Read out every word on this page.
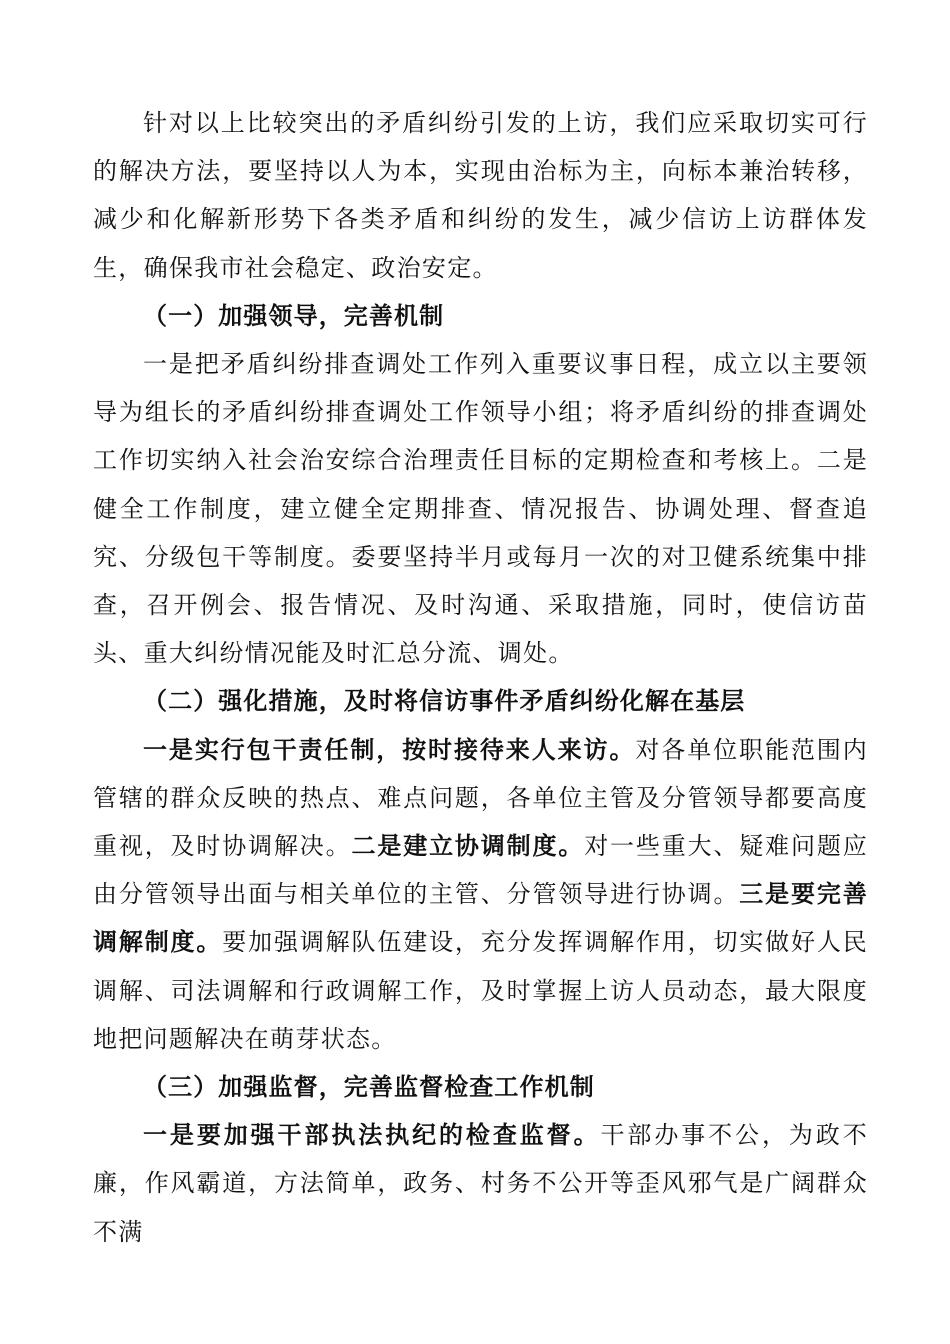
针对以上比较突出的矛盾纠纷引发的上访，我们应采取切实可行的解决方法，要坚持以人为本，实现由治标为主，向标本兼治转移，减少和化解新形势下各类矛盾和纠纷的发生，减少信访上访群体发生，确保我市社会稳定、政治安定。

（一）加强领导，完善机制

一是把矛盾纠纷排查调处工作列入重要议事日程，成立以主要领导为组长的矛盾纠纷排查调处工作领导小组；将矛盾纠纷的排查调处工作切实纳入社会治安综合治理责任目标的定期检查和考核上。二是健全工作制度，建立健全定期排查、情况报告、协调处理、督查追究、分级包干等制度。委要坚持半月或每月一次的对卫健系统集中排查，召开例会、报告情况、及时沟通、采取措施，同时，使信访苗头、重大纠纷情况能及时汇总分流、调处。

（二）强化措施，及时将信访事件矛盾纠纷化解在基层

一是实行包干责任制，按时接待来人来访。对各单位职能范围内管辖的群众反映的热点、难点问题，各单位主管及分管领导都要高度重视，及时协调解决。二是建立协调制度。对一些重大、疑难问题应由分管领导出面与相关单位的主管、分管领导进行协调。三是要完善调解制度。要加强调解队伍建设，充分发挥调解作用，切实做好人民调解、司法调解和行政调解工作，及时掌握上访人员动态，最大限度地把问题解决在萌芽状态。

（三）加强监督，完善监督检查工作机制

一是要加强干部执法执纪的检查监督。干部办事不公，为政不廉，作风霸道，方法简单，政务、村务不公开等歪风邪气是广阔群众不满
